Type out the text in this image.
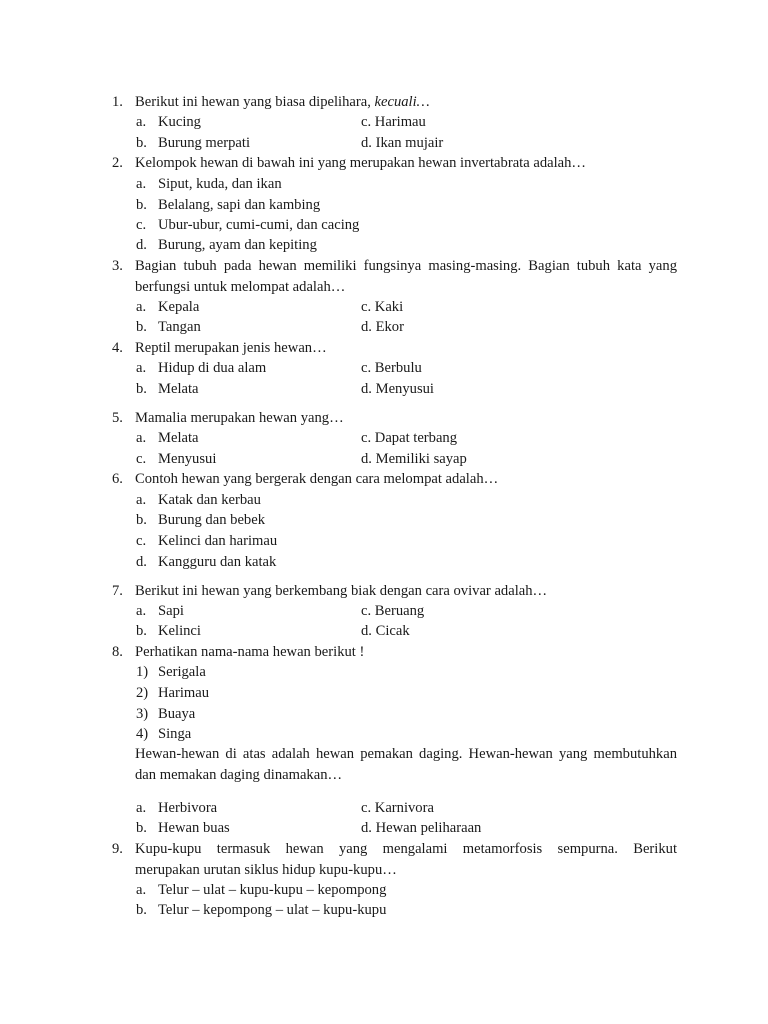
1. Berikut ini hewan yang biasa dipelihara, kecuali…
a. Kucing	c. Harimau
b. Burung merpati	d. Ikan mujair
2. Kelompok hewan di bawah ini yang merupakan hewan invertabrata adalah…
a. Siput, kuda, dan ikan
b. Belalang, sapi dan kambing
c. Ubur-ubur, cumi-cumi, dan cacing
d. Burung, ayam dan kepiting
3. Bagian tubuh pada hewan memiliki fungsinya masing-masing. Bagian tubuh kata yang
berfungsi untuk melompat adalah…
a. Kepala	c. Kaki
b. Tangan	d. Ekor
4. Reptil merupakan jenis hewan…
a. Hidup di dua alam	c. Berbulu
b. Melata	d. Menyusui
5. Mamalia merupakan hewan yang…
a. Melata	c. Dapat terbang
c. Menyusui	d. Memiliki sayap
6. Contoh hewan yang bergerak dengan cara melompat adalah…
a. Katak dan kerbau
b. Burung dan bebek
c. Kelinci dan harimau
d. Kangguru dan katak
7. Berikut ini hewan yang berkembang biak dengan cara ovivar adalah…
a. Sapi	c. Beruang
b. Kelinci	d. Cicak
8. Perhatikan nama-nama hewan berikut !
1) Serigala
2) Harimau
3) Buaya
4) Singa
Hewan-hewan di atas adalah hewan pemakan daging. Hewan-hewan yang membutuhkan
dan memakan daging dinamakan…
a. Herbivora	c. Karnivora
b. Hewan buas	d. Hewan peliharaan
9. Kupu-kupu termasuk hewan yang mengalami metamorfosis sempurna. Berikut
merupakan urutan siklus hidup kupu-kupu…
a. Telur – ulat – kupu-kupu – kepompong
b. Telur – kepompong – ulat – kupu-kupu
